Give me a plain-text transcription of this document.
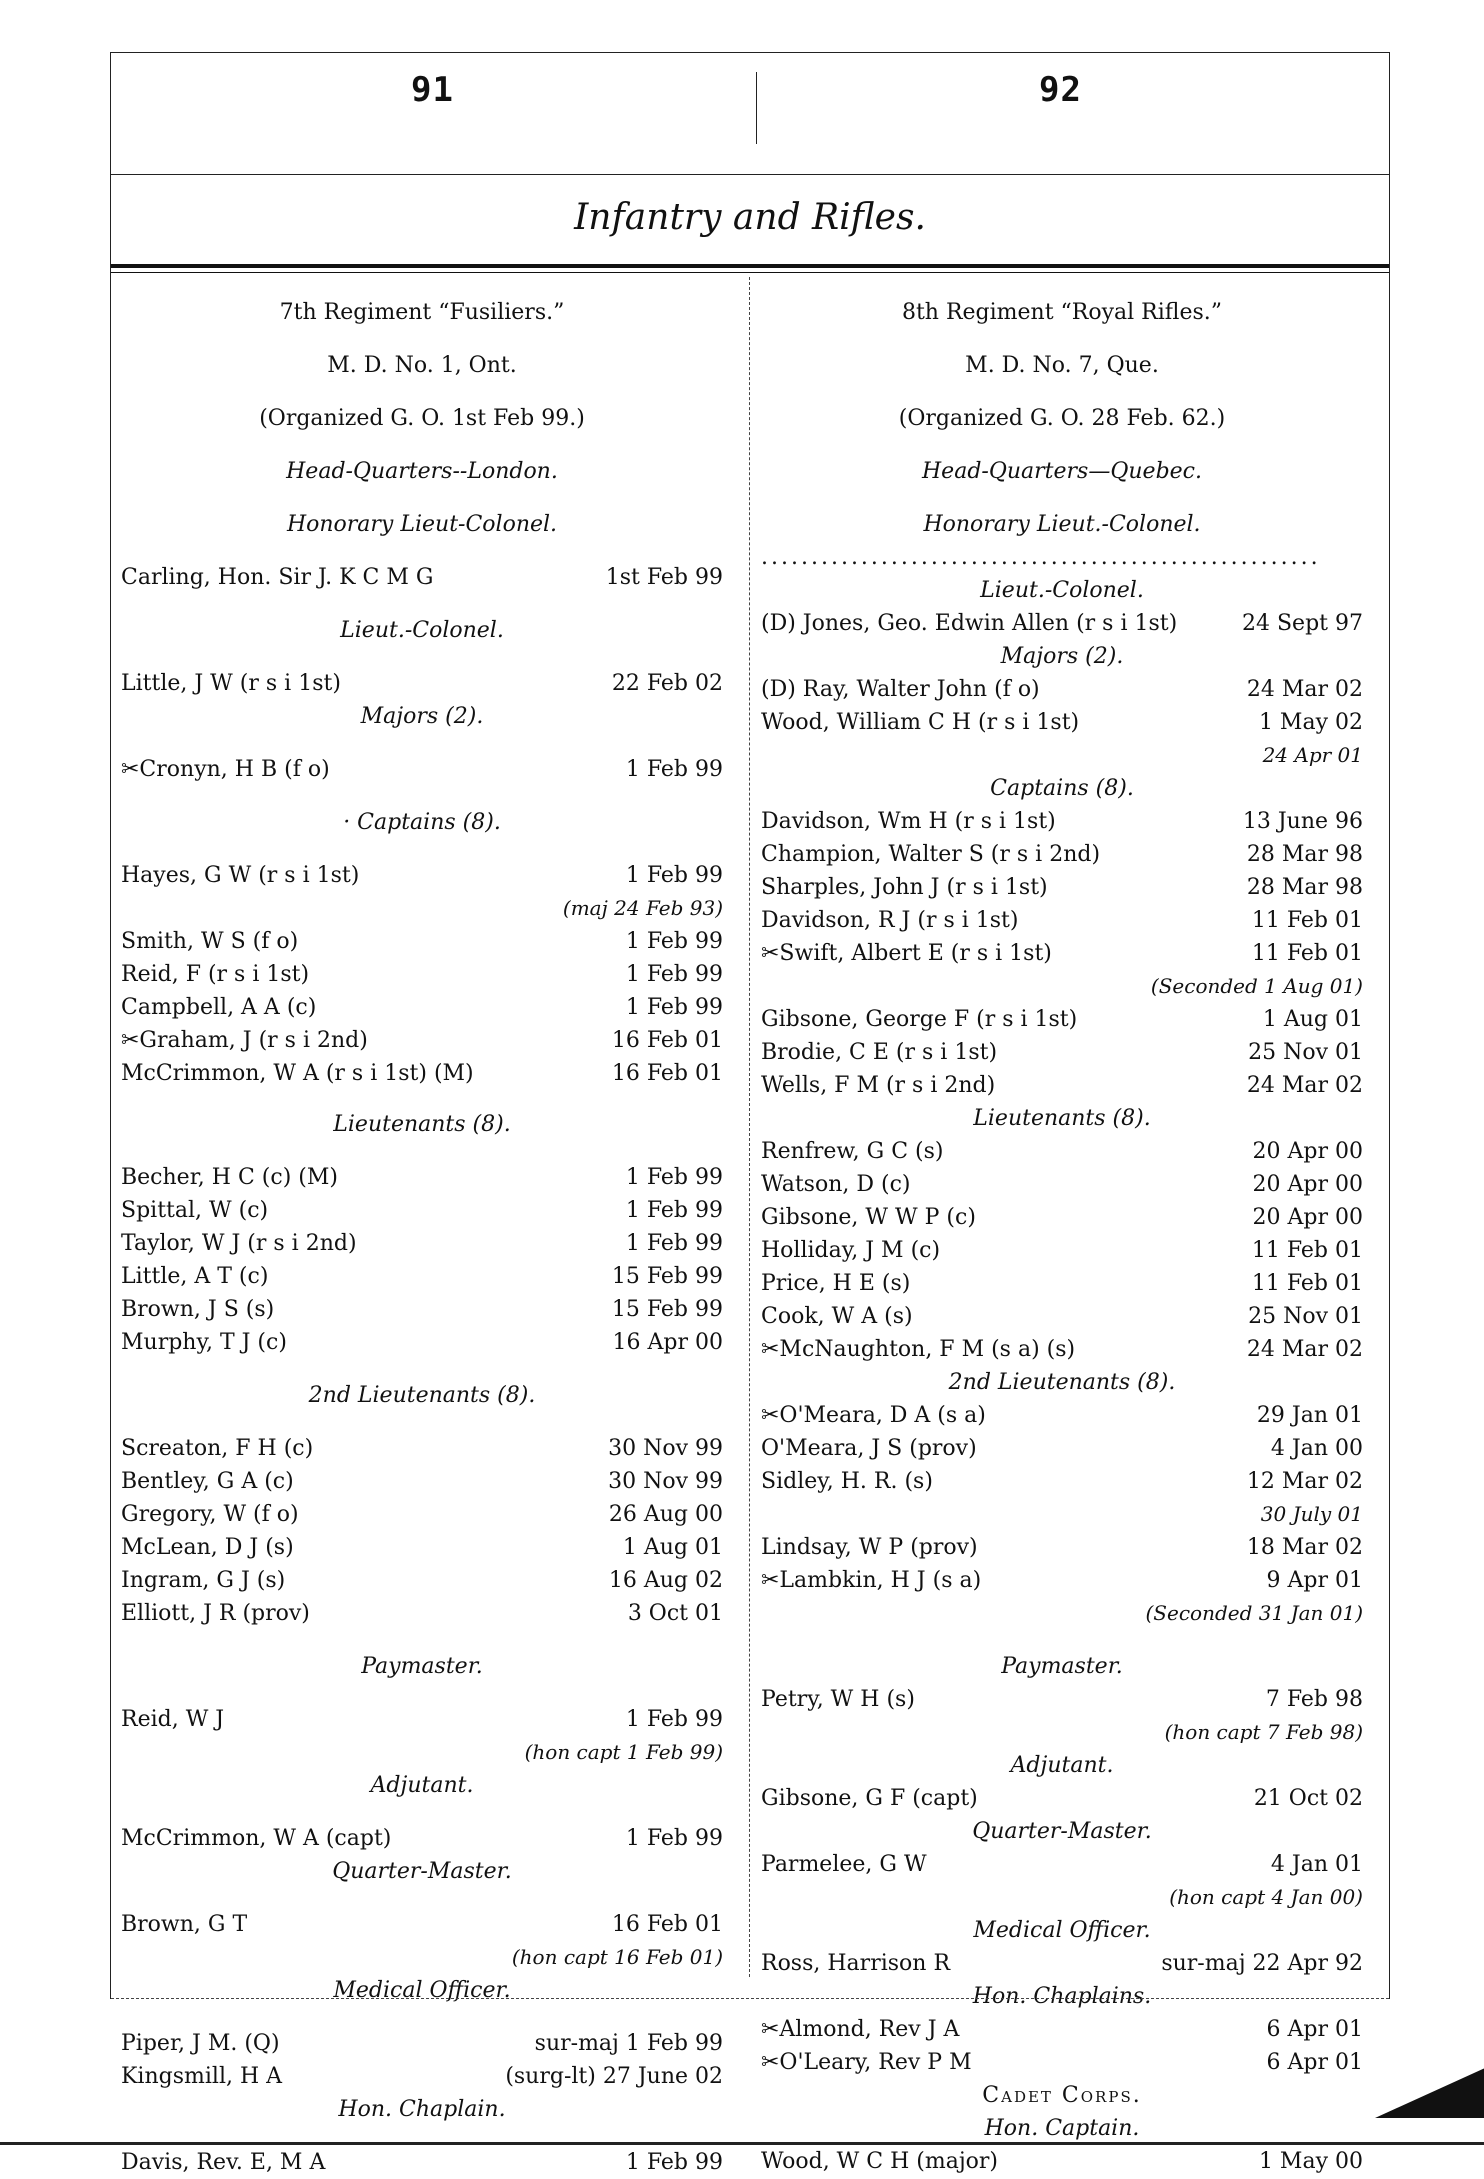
91	92
Infantry and Rifles.
7th Regiment “Fusiliers.”
M. D. No. 1, Ont.
(Organized G. O. 1st Feb 99.)
Head-Quarters--London.
Honorary Lieut-Colonel.
Carling, Hon. Sir J. K C M G	1st Feb 99
Lieut.-Colonel.
Little, J W (r s i 1st)	22 Feb 02
Majors (2).
✂Cronyn, H B (f o)	1 Feb 99
· Captains (8).
Hayes, G W (r s i 1st)	1 Feb 99
(maj 24 Feb 93)
Smith, W S (f o)	1 Feb 99
Reid, F (r s i 1st)	1 Feb 99
Campbell, A A (c)	1 Feb 99
✂Graham, J (r s i 2nd)	16 Feb 01
McCrimmon, W A (r s i 1st) (M)	16 Feb 01
Lieutenants (8).
Becher, H C (c) (M)	1 Feb 99
Spittal, W (c)	1 Feb 99
Taylor, W J (r s i 2nd)	1 Feb 99
Little, A T (c)	15 Feb 99
Brown, J S (s)	15 Feb 99
Murphy, T J (c)	16 Apr 00
2nd Lieutenants (8).
Screaton, F H (c)	30 Nov 99
Bentley, G A (c)	30 Nov 99
Gregory, W (f o)	26 Aug 00
McLean, D J (s)	1 Aug 01
Ingram, G J (s)	16 Aug 02
Elliott, J R (prov)	3 Oct 01
Paymaster.
Reid, W J	1 Feb 99
(hon capt 1 Feb 99)
Adjutant.
McCrimmon, W A (capt)	1 Feb 99
Quarter-Master.
Brown, G T	16 Feb 01
(hon capt 16 Feb 01)
Medical Officer.
Piper, J M. (Q)	sur-maj 1 Feb 99
Kingsmill, H A	(surg-lt) 27 June 02
Hon. Chaplain.
Davis, Rev. E, M A	1 Feb 99
8th Regiment “Royal Rifles.”
M. D. No. 7, Que.
(Organized G. O. 28 Feb. 62.)
Head-Quarters—Quebec.
Honorary Lieut.-Colonel.
........................................................
Lieut.-Colonel.
(D) Jones, Geo. Edwin Allen (r s i 1st)	24 Sept 97
Majors (2).
(D) Ray, Walter John (f o)	24 Mar 02
Wood, William C H (r s i 1st)	1 May 02
24 Apr 01
Captains (8).
Davidson, Wm H (r s i 1st)	13 June 96
Champion, Walter S (r s i 2nd)	28 Mar 98
Sharples, John J (r s i 1st)	28 Mar 98
Davidson, R J (r s i 1st)	11 Feb 01
✂Swift, Albert E (r s i 1st)	11 Feb 01
(Seconded 1 Aug 01)
Gibsone, George F (r s i 1st)	1 Aug 01
Brodie, C E (r s i 1st)	25 Nov 01
Wells, F M (r s i 2nd)	24 Mar 02
Lieutenants (8).
Renfrew, G C (s)	20 Apr 00
Watson, D (c)	20 Apr 00
Gibsone, W W P (c)	20 Apr 00
Holliday, J M (c)	11 Feb 01
Price, H E (s)	11 Feb 01
Cook, W A (s)	25 Nov 01
✂McNaughton, F M (s a) (s)	24 Mar 02
2nd Lieutenants (8).
✂O'Meara, D A (s a)	29 Jan 01
O'Meara, J S (prov)	4 Jan 00
Sidley, H. R. (s)	12 Mar 02
30 July 01
Lindsay, W P (prov)	18 Mar 02
✂Lambkin, H J (s a)	9 Apr 01
(Seconded 31 Jan 01)
Paymaster.
Petry, W H (s)	7 Feb 98
(hon capt 7 Feb 98)
Adjutant.
Gibsone, G F (capt)	21 Oct 02
Quarter-Master.
Parmelee, G W	4 Jan 01
(hon capt 4 Jan 00)
Medical Officer.
Ross, Harrison R	sur-maj 22 Apr 92
Hon. Chaplains.
✂Almond, Rev J A	6 Apr 01
✂O'Leary, Rev P M	6 Apr 01
Cadet Corps.
Hon. Captain.
Wood, W C H (major)	1 May 00
